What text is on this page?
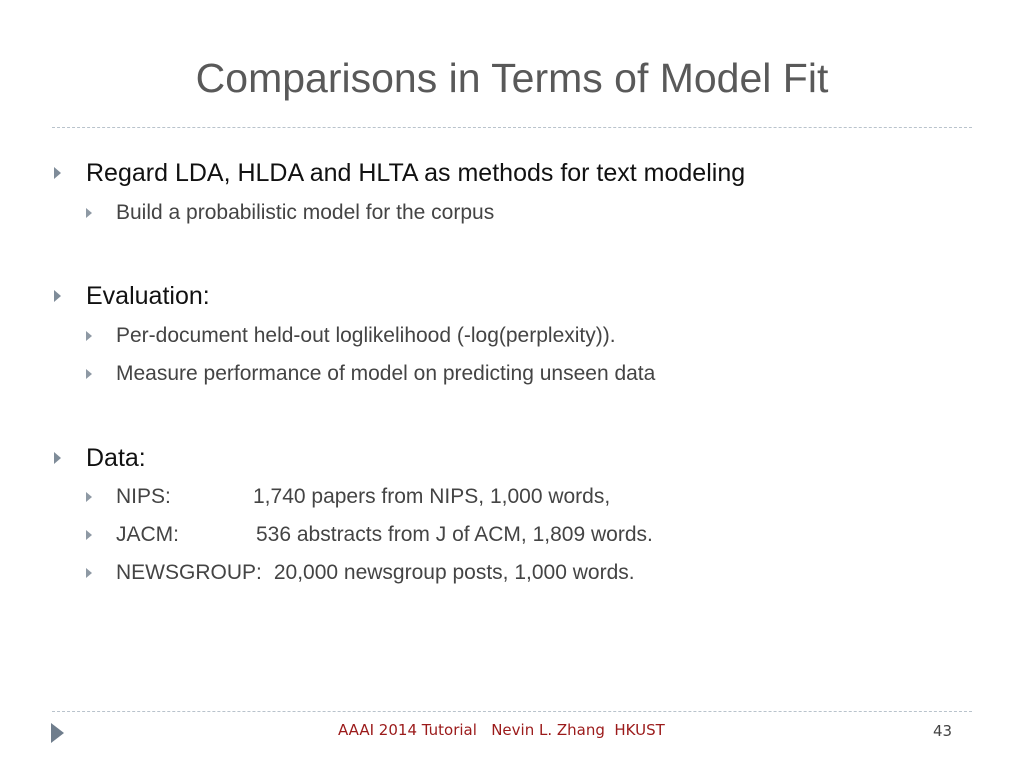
Comparisons in Terms of Model Fit
Regard LDA, HLDA and HLTA as methods for text modeling
Build a probabilistic model for the corpus
Evaluation:
Per-document held-out loglikelihood (-log(perplexity)).
Measure performance of model on predicting unseen data
Data:
NIPS:	1,740 papers from NIPS, 1,000 words,
JACM:	536 abstracts from J of ACM, 1,809 words.
NEWSGROUP: 20,000 newsgroup posts, 1,000 words.
AAAI 2014 Tutorial   Nevin L. Zhang  HKUST	43
